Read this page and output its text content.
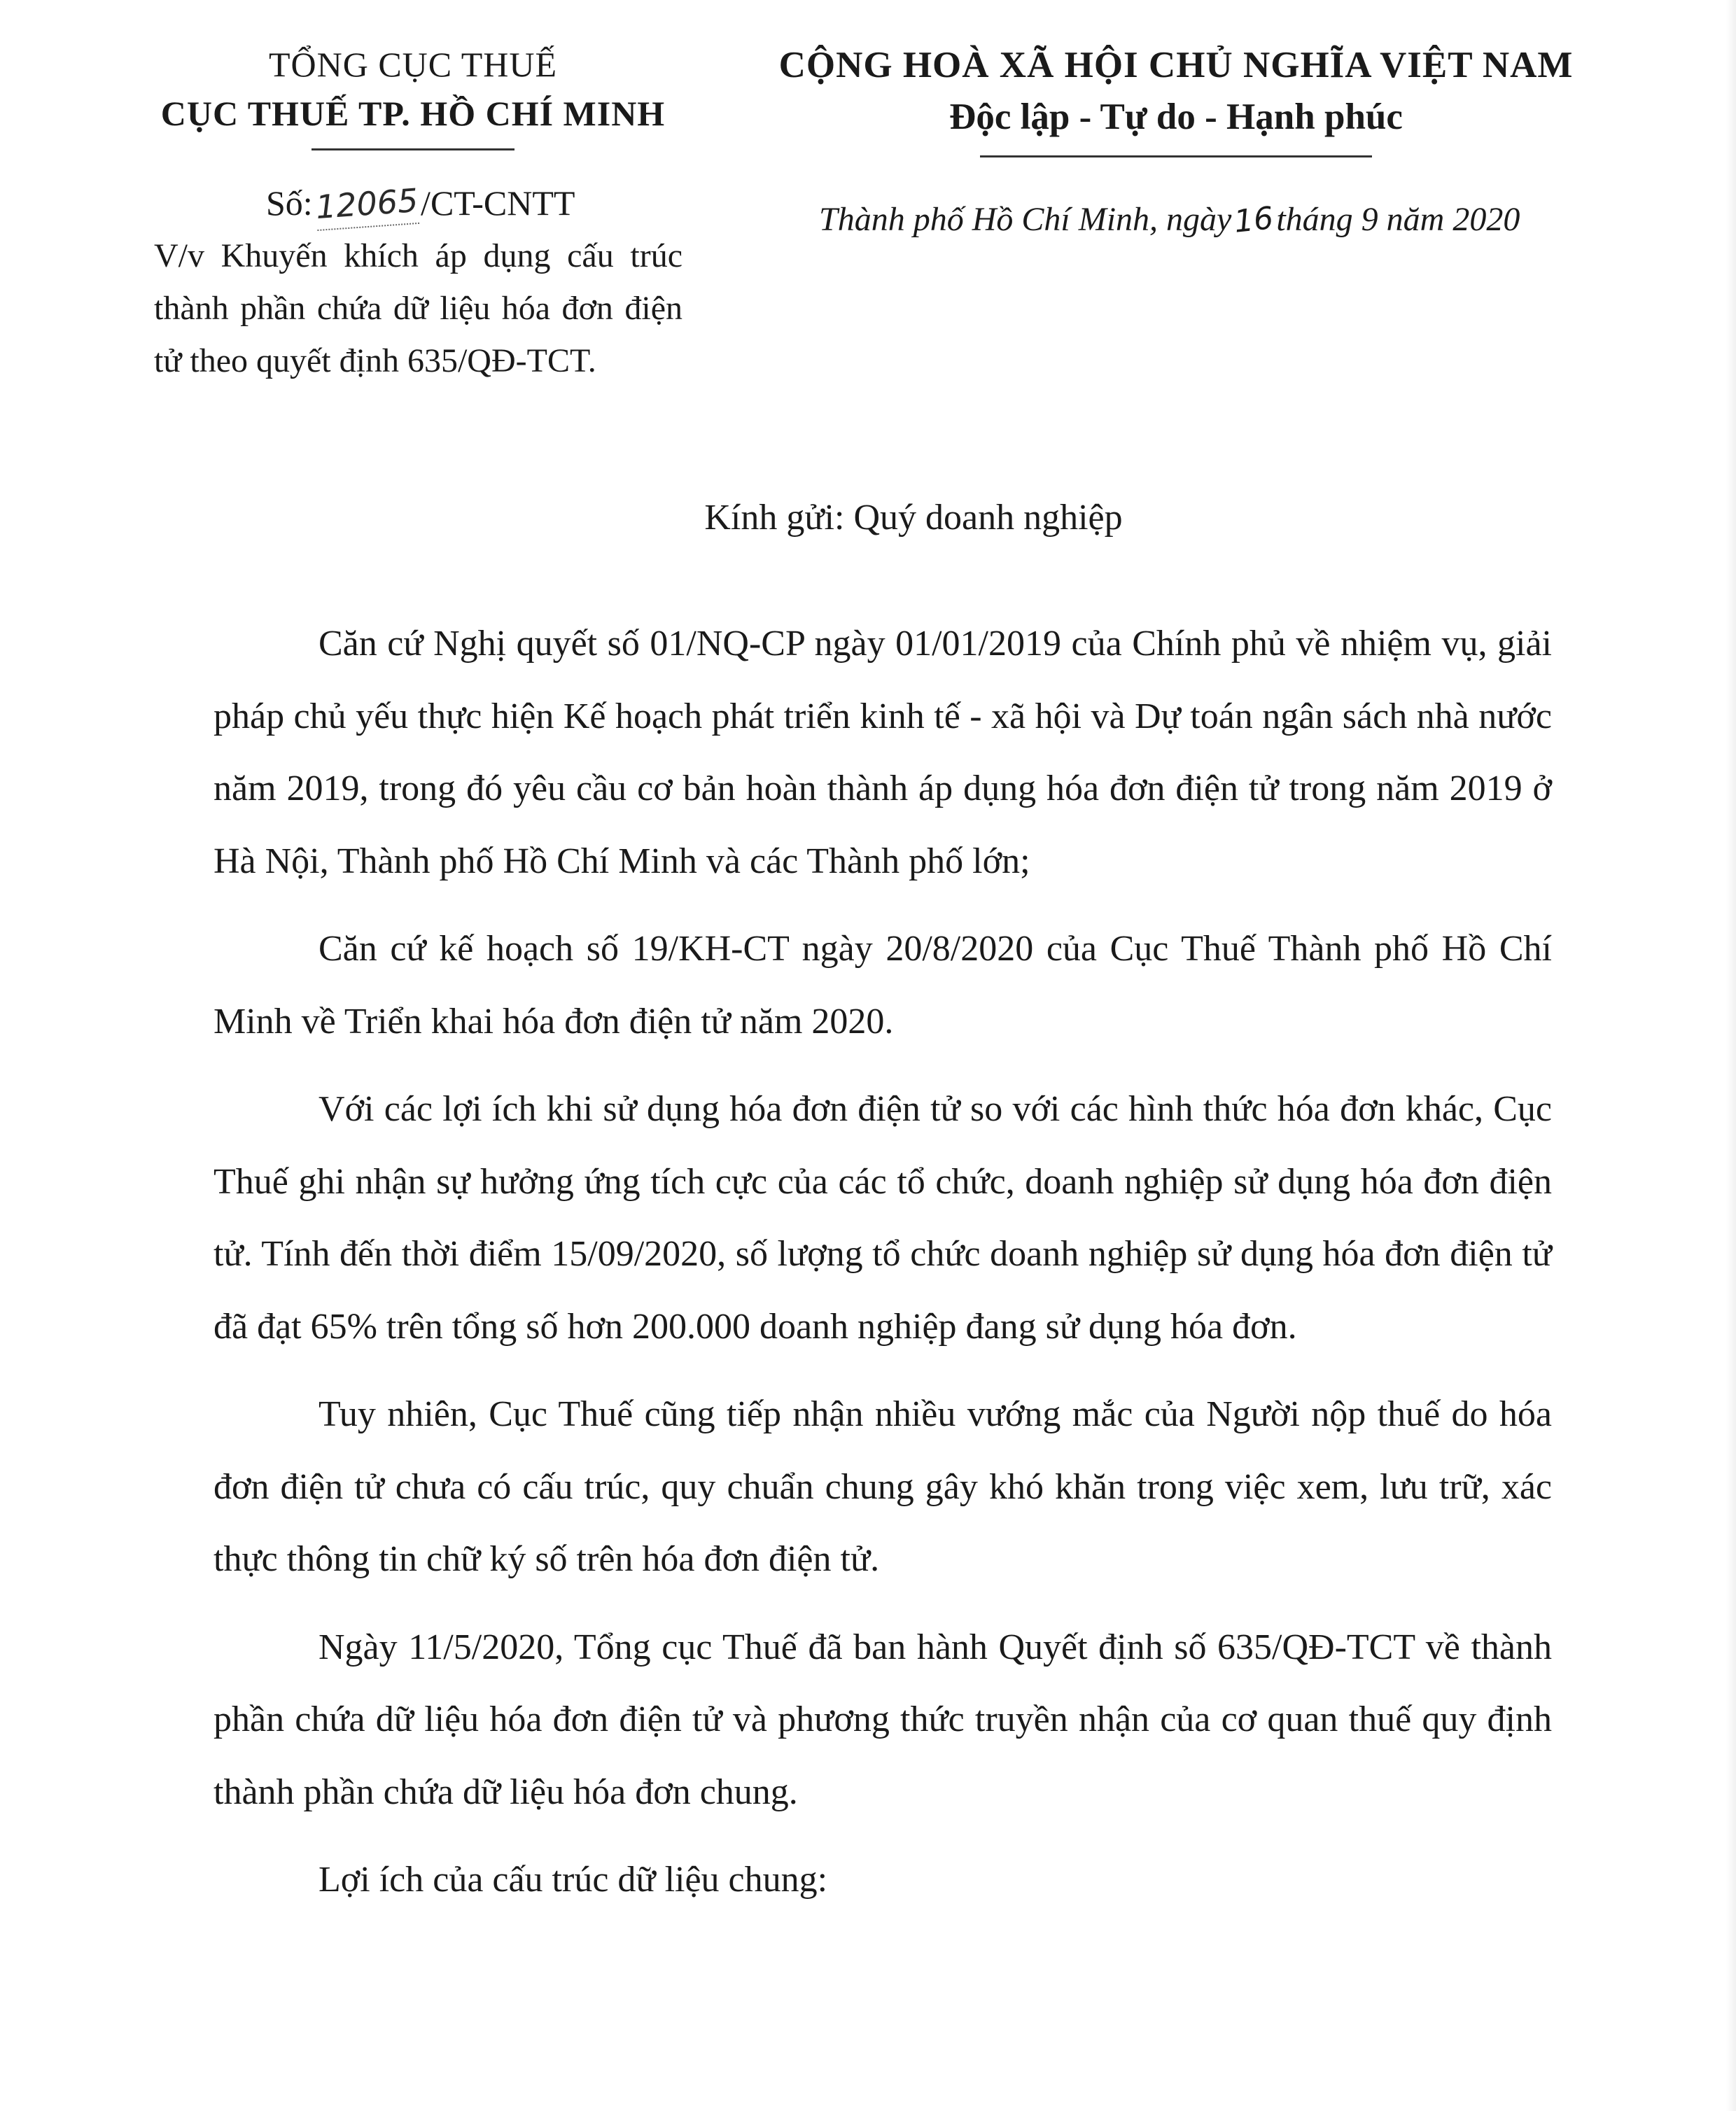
TỔNG CỤC THUẾ
CỤC THUẾ TP. HỒ CHÍ MINH
CỘNG HOÀ XÃ HỘI CHỦ NGHĨA VIỆT NAM
Độc lập - Tự do - Hạnh phúc
Số:12065/CT-CNTT
V/v Khuyến khích áp dụng cấu trúc thành phần chứa dữ liệu hóa đơn điện tử theo quyết định 635/QĐ-TCT.
Thành phố Hồ Chí Minh, ngày16tháng 9 năm 2020
Kính gửi: Quý doanh nghiệp

Căn cứ Nghị quyết số 01/NQ-CP ngày 01/01/2019 của Chính phủ về nhiệm vụ, giải pháp chủ yếu thực hiện Kế hoạch phát triển kinh tế - xã hội và Dự toán ngân sách nhà nước năm 2019, trong đó yêu cầu cơ bản hoàn thành áp dụng hóa đơn điện tử trong năm 2019 ở Hà Nội, Thành phố Hồ Chí Minh và các Thành phố lớn;

Căn cứ kế hoạch số 19/KH-CT ngày 20/8/2020 của Cục Thuế Thành phố Hồ Chí Minh về Triển khai hóa đơn điện tử năm 2020.

Với các lợi ích khi sử dụng hóa đơn điện tử so với các hình thức hóa đơn khác, Cục Thuế ghi nhận sự hưởng ứng tích cực của các tổ chức, doanh nghiệp sử dụng hóa đơn điện tử. Tính đến thời điểm 15/09/2020, số lượng tổ chức doanh nghiệp sử dụng hóa đơn điện tử đã đạt 65% trên tổng số hơn 200.000 doanh nghiệp đang sử dụng hóa đơn.

Tuy nhiên, Cục Thuế cũng tiếp nhận nhiều vướng mắc của Người nộp thuế do hóa đơn điện tử chưa có cấu trúc, quy chuẩn chung gây khó khăn trong việc xem, lưu trữ, xác thực thông tin chữ ký số trên hóa đơn điện tử.

Ngày 11/5/2020, Tổng cục Thuế đã ban hành Quyết định số 635/QĐ-TCT về thành phần chứa dữ liệu hóa đơn điện tử và phương thức truyền nhận của cơ quan thuế quy định thành phần chứa dữ liệu hóa đơn chung.

Lợi ích của cấu trúc dữ liệu chung:
